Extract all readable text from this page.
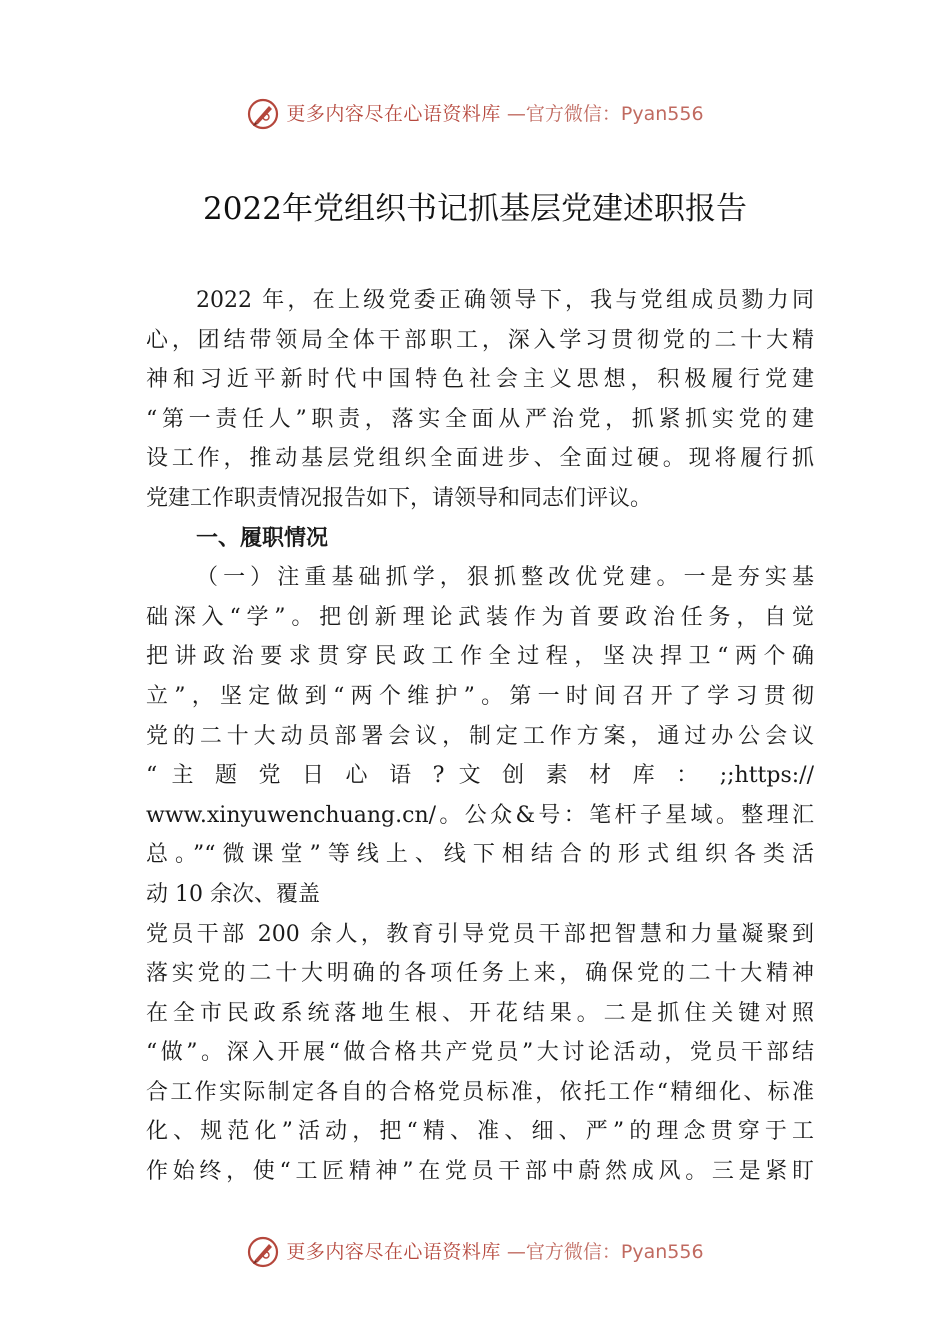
更多内容尽在心语资料库 —官方微信：Pyan556
2022年党组织书记抓基层党建述职报告
2022 年，在上级党委正确领导下，我与党组成员勠力同
心，团结带领局全体干部职工，深入学习贯彻党的二十大精
神和习近平新时代中国特色社会主义思想，积极履行党建
“第一责任人”职责，落实全面从严治党，抓紧抓实党的建
设工作，推动基层党组织全面进步、全面过硬。现将履行抓
党建工作职责情况报告如下，请领导和同志们评议。
一、履职情况
（一）注重基础抓学，狠抓整改优党建。一是夯实基
础深入“学”。把创新理论武装作为首要政治任务，自觉
把讲政治要求贯穿民政工作全过程，坚决捍卫“两个确
立”，坚定做到“两个维护”。第一时间召开了学习贯彻
党的二十大动员部署会议，制定工作方案，通过办公会议
“ 主 题 党 日 心 语 ? 文 创 素 材 库 ： ;;https://
www.xinyuwenchuang.cn/。公众&号：笔杆子星域。整理汇
总。”“微课堂”等线上、线下相结合的形式组织各类活
动 10 余次、覆盖
党员干部 200 余人，教育引导党员干部把智慧和力量凝聚到
落实党的二十大明确的各项任务上来，确保党的二十大精神
在全市民政系统落地生根、开花结果。二是抓住关键对照
“做”。深入开展“做合格共产党员”大讨论活动，党员干部结
合工作实际制定各自的合格党员标准，依托工作“精细化、标准
化、规范化”活动，把“精、准、细、严”的理念贯穿于工
作始终，使“工匠精神”在党员干部中蔚然成风。三是紧盯
更多内容尽在心语资料库 —官方微信：Pyan556
